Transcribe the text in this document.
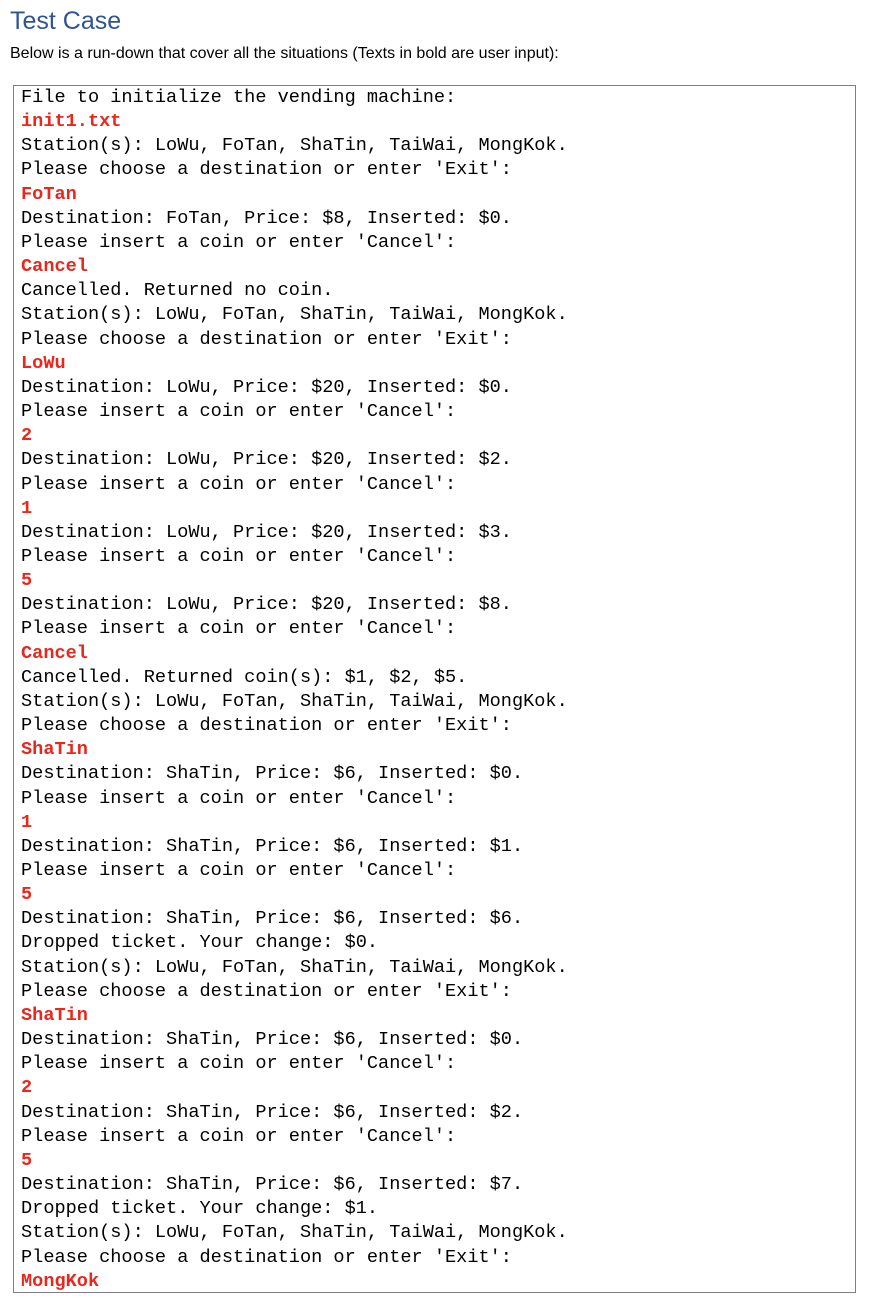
Test Case

Below is a run-down that cover all the situations (Texts in bold are user input):

File to initialize the vending machine:
init1.txt
Station(s): LoWu, FoTan, ShaTin, TaiWai, MongKok.
Please choose a destination or enter 'Exit':
FoTan
Destination: FoTan, Price: $8, Inserted: $0.
Please insert a coin or enter 'Cancel':
Cancel
Cancelled. Returned no coin.
Station(s): LoWu, FoTan, ShaTin, TaiWai, MongKok.
Please choose a destination or enter 'Exit':
LoWu
Destination: LoWu, Price: $20, Inserted: $0.
Please insert a coin or enter 'Cancel':
2
Destination: LoWu, Price: $20, Inserted: $2.
Please insert a coin or enter 'Cancel':
1
Destination: LoWu, Price: $20, Inserted: $3.
Please insert a coin or enter 'Cancel':
5
Destination: LoWu, Price: $20, Inserted: $8.
Please insert a coin or enter 'Cancel':
Cancel
Cancelled. Returned coin(s): $1, $2, $5.
Station(s): LoWu, FoTan, ShaTin, TaiWai, MongKok.
Please choose a destination or enter 'Exit':
ShaTin
Destination: ShaTin, Price: $6, Inserted: $0.
Please insert a coin or enter 'Cancel':
1
Destination: ShaTin, Price: $6, Inserted: $1.
Please insert a coin or enter 'Cancel':
5
Destination: ShaTin, Price: $6, Inserted: $6.
Dropped ticket. Your change: $0.
Station(s): LoWu, FoTan, ShaTin, TaiWai, MongKok.
Please choose a destination or enter 'Exit':
ShaTin
Destination: ShaTin, Price: $6, Inserted: $0.
Please insert a coin or enter 'Cancel':
2
Destination: ShaTin, Price: $6, Inserted: $2.
Please insert a coin or enter 'Cancel':
5
Destination: ShaTin, Price: $6, Inserted: $7.
Dropped ticket. Your change: $1.
Station(s): LoWu, FoTan, ShaTin, TaiWai, MongKok.
Please choose a destination or enter 'Exit':
MongKok
